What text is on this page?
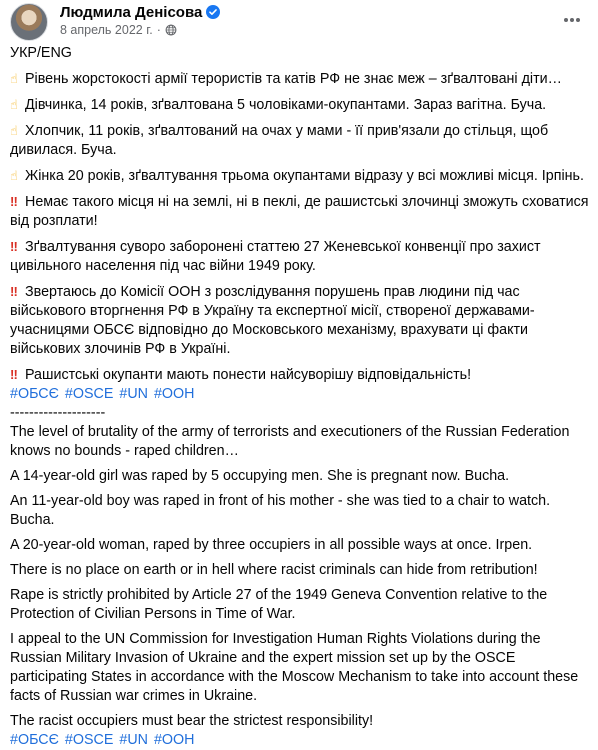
Людмила Денісова
8 апрель 2022 г. ·

УКР/ENG

☝ Рівень жорстокості армії терористів та катів РФ не знає меж – зґвалтовані діти…

☝ Дівчинка, 14 років, зґвалтована 5 чоловіками-окупантами. Зараз вагітна. Буча.

☝ Хлопчик, 11 років, зґвалтований на очах у мами - її прив'язали до стільця, щоб дивилася. Буча.

☝ Жінка 20 років, зґвалтування трьома окупантами відразу у всі можливі місця. Ірпінь.

‼ Немає такого місця ні на землі, ні в пеклі, де рашистські злочинці зможуть сховатися від розплати!

‼ Зґвалтування суворо заборонені статтею 27 Женевської конвенції про захист цивільного населення під час війни 1949 року.

‼ Звертаюсь до Комісії ООН з розслідування порушень прав людини під час військового вторгнення РФ в Україну та експертної місії, створеної державами-учасницями ОБСЄ відповідно до Московського механізму, врахувати ці факти військових злочинів РФ в Україні.

‼ Рашистські окупанти мають понести найсуворішу відповідальність!

#ОБСЄ #OSCE #UN #ООН

--------------------

The level of brutality of the army of terrorists and executioners of the Russian Federation knows no bounds - raped children…

A 14-year-old girl was raped by 5 occupying men. She is pregnant now. Bucha.

An 11-year-old boy was raped in front of his mother - she was tied to a chair to watch. Bucha.

A 20-year-old woman, raped by three occupiers in all possible ways at once. Irpen.

There is no place on earth or in hell where racist criminals can hide from retribution!

Rape is strictly prohibited by Article 27 of the 1949 Geneva Convention relative to the Protection of Civilian Persons in Time of War.

I appeal to the UN Commission for Investigation Human Rights Violations during the Russian Military Invasion of Ukraine and the expert mission set up by the OSCE participating States in accordance with the Moscow Mechanism to take into account these facts of Russian war crimes in Ukraine.

The racist occupiers must bear the strictest responsibility!

#ОБСЄ #OSCE #UN #ООН
